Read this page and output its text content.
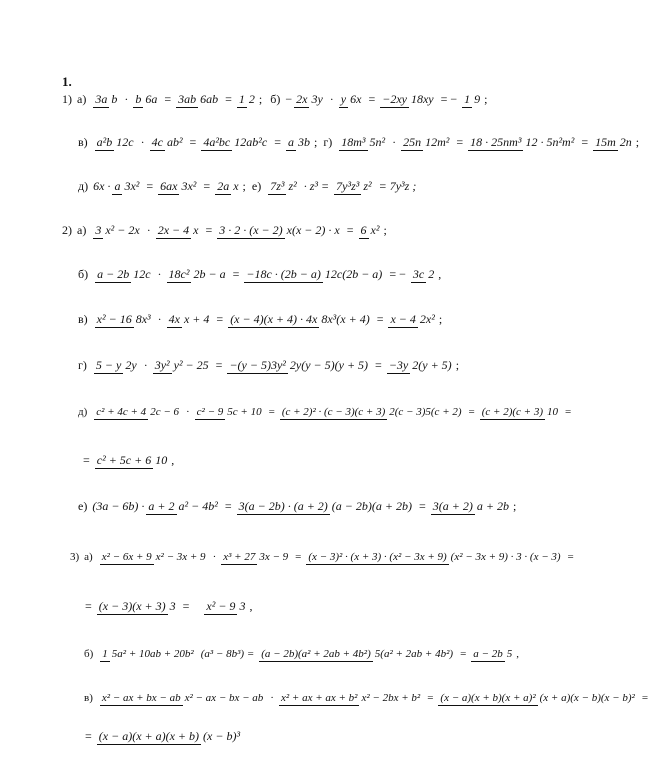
1.
1) а) 3a b · b 6a = 3ab 6ab = 1 2 ; б) − 2x 3y · y 6x = −2xy 18xy = − 1 9 ;
в) a²b 12c · 4c ab² = 4a²bc 12ab²c = a 3b ; г) 18m³ 5n² · 25n 12m² = 18 · 25nm³ 12 · 5n²m² = 15m 2n ;
д) 6x · a 3x² = 6ax 3x² = 2a x ; е) 7z³ z² · z³ = 7y³z³ z² = 7y³z ;
2) а) 3 x² − 2x · 2x − 4 x = 3 · 2 · (x − 2) x(x − 2) · x = 6 x² ;
б) a − 2b 12c · 18c² 2b − a = −18c · (2b − a) 12c(2b − a) = − 3c 2 ,
в) x² − 16 8x³ · 4x x + 4 = (x − 4)(x + 4) · 4x 8x³(x + 4) = x − 4 2x² ;
г) 5 − y 2y · 3y² y² − 25 = −(y − 5)3y² 2y(y − 5)(y + 5) = −3y 2(y + 5) ;
д) c² + 4c + 4 2c − 6 · c² − 9 5c + 10 = (c + 2)² · (c − 3)(c + 3) 2(c − 3)5(c + 2) = (c + 2)(c + 3) 10 =
= c² + 5c + 6 10 ,
е) (3a − 6b) · a + 2 a² − 4b² = 3(a − 2b) · (a + 2) (a − 2b)(a + 2b) = 3(a + 2) a + 2b ;
3) а) x² − 6x + 9 x² − 3x + 9 · x³ + 27 3x − 9 = (x − 3)² · (x + 3) · (x² − 3x + 9) (x² − 3x + 9) · 3 · (x − 3) =
= (x − 3)(x + 3) 3 = x² − 9 3 ,
б) 1 5a² + 10ab + 20b² (a³ − 8b³) = (a − 2b)(a² + 2ab + 4b²) 5(a² + 2ab + 4b²) = a − 2b 5 ,
в) x² − ax + bx − ab x² − ax − bx − ab · x² + ax + ax + b² x² − 2bx + b² = (x − a)(x + b)(x + a)² (x + a)(x − b)(x − b)² =
= (x − a)(x + a)(x + b) (x − b)³
